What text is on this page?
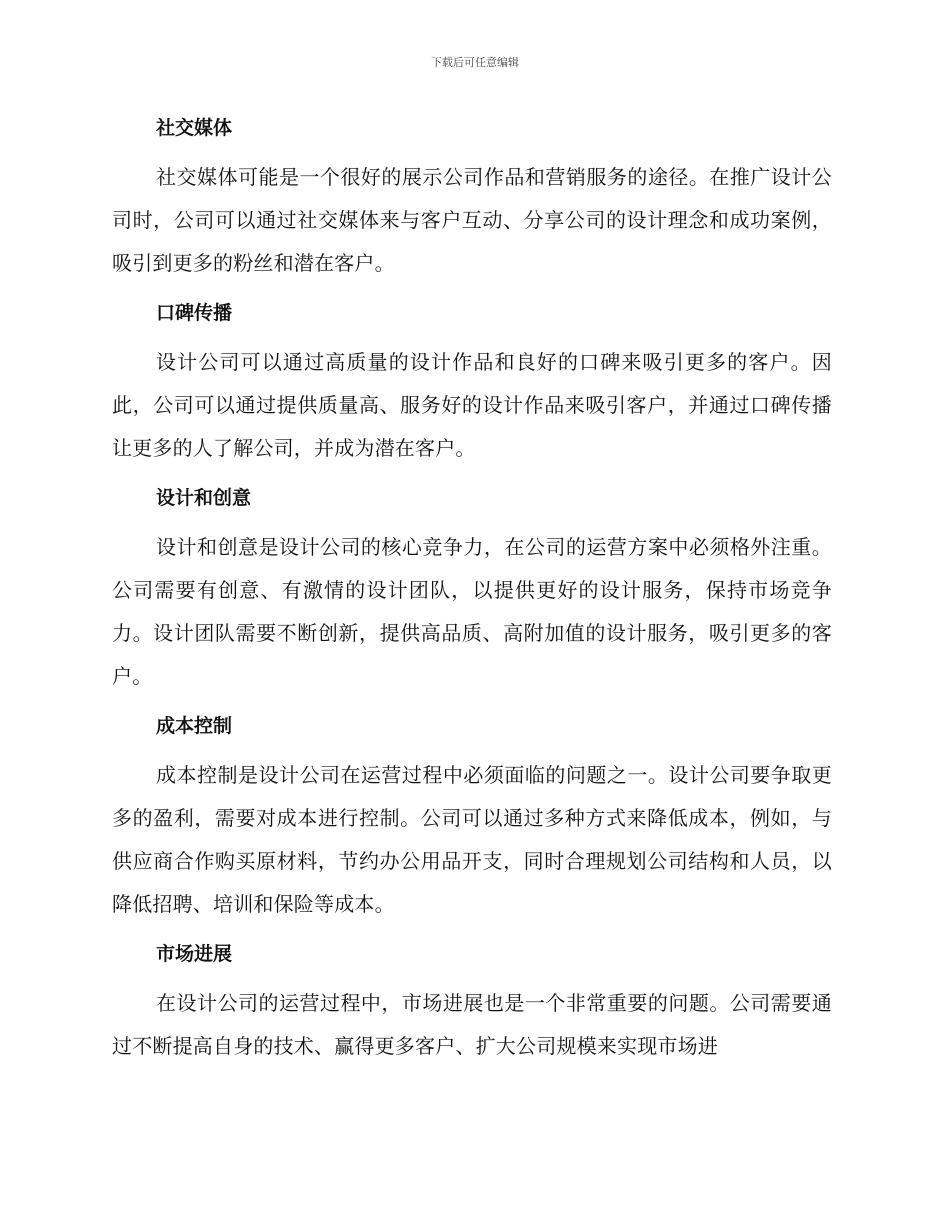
下载后可任意编辑
社交媒体

社交媒体可能是一个很好的展示公司作品和营销服务的途径。在推广设计公司时，公司可以通过社交媒体来与客户互动、分享公司的设计理念和成功案例，吸引到更多的粉丝和潜在客户。

口碑传播

设计公司可以通过高质量的设计作品和良好的口碑来吸引更多的客户。因此，公司可以通过提供质量高、服务好的设计作品来吸引客户，并通过口碑传播让更多的人了解公司，并成为潜在客户。

设计和创意

设计和创意是设计公司的核心竞争力，在公司的运营方案中必须格外注重。公司需要有创意、有激情的设计团队，以提供更好的设计服务，保持市场竞争力。设计团队需要不断创新，提供高品质、高附加值的设计服务，吸引更多的客户。

成本控制

成本控制是设计公司在运营过程中必须面临的问题之一。设计公司要争取更多的盈利，需要对成本进行控制。公司可以通过多种方式来降低成本，例如，与供应商合作购买原材料，节约办公用品开支，同时合理规划公司结构和人员，以降低招聘、培训和保险等成本。

市场进展

在设计公司的运营过程中，市场进展也是一个非常重要的问题。公司需要通过不断提高自身的技术、赢得更多客户、扩大公司规模来实现市场进
